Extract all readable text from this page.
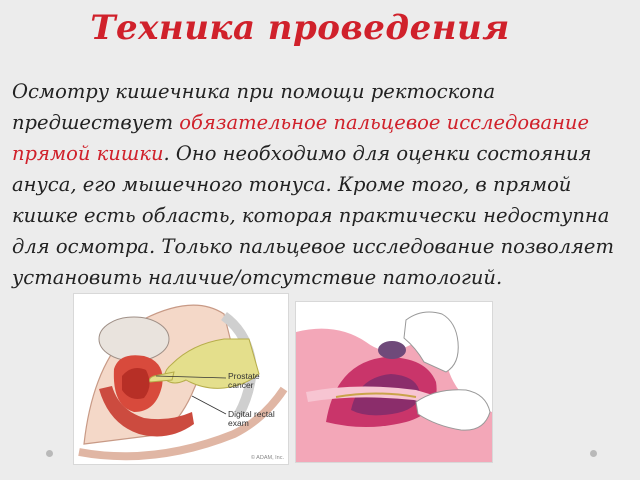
Техника проведения
Осмотру кишечника при помощи ректоскопа предшествует обязательное пальцевое исследование прямой кишки. Оно необходимо для оценки состояния ануса, его мышечного тонуса. Кроме того, в прямой кишке есть область, которая практически недоступна для осмотра. Только пальцевое исследование позволяет установить наличие/отсутствие патологий.
Prostate cancer
Digital rectal exam
© ADAM, Inc.
